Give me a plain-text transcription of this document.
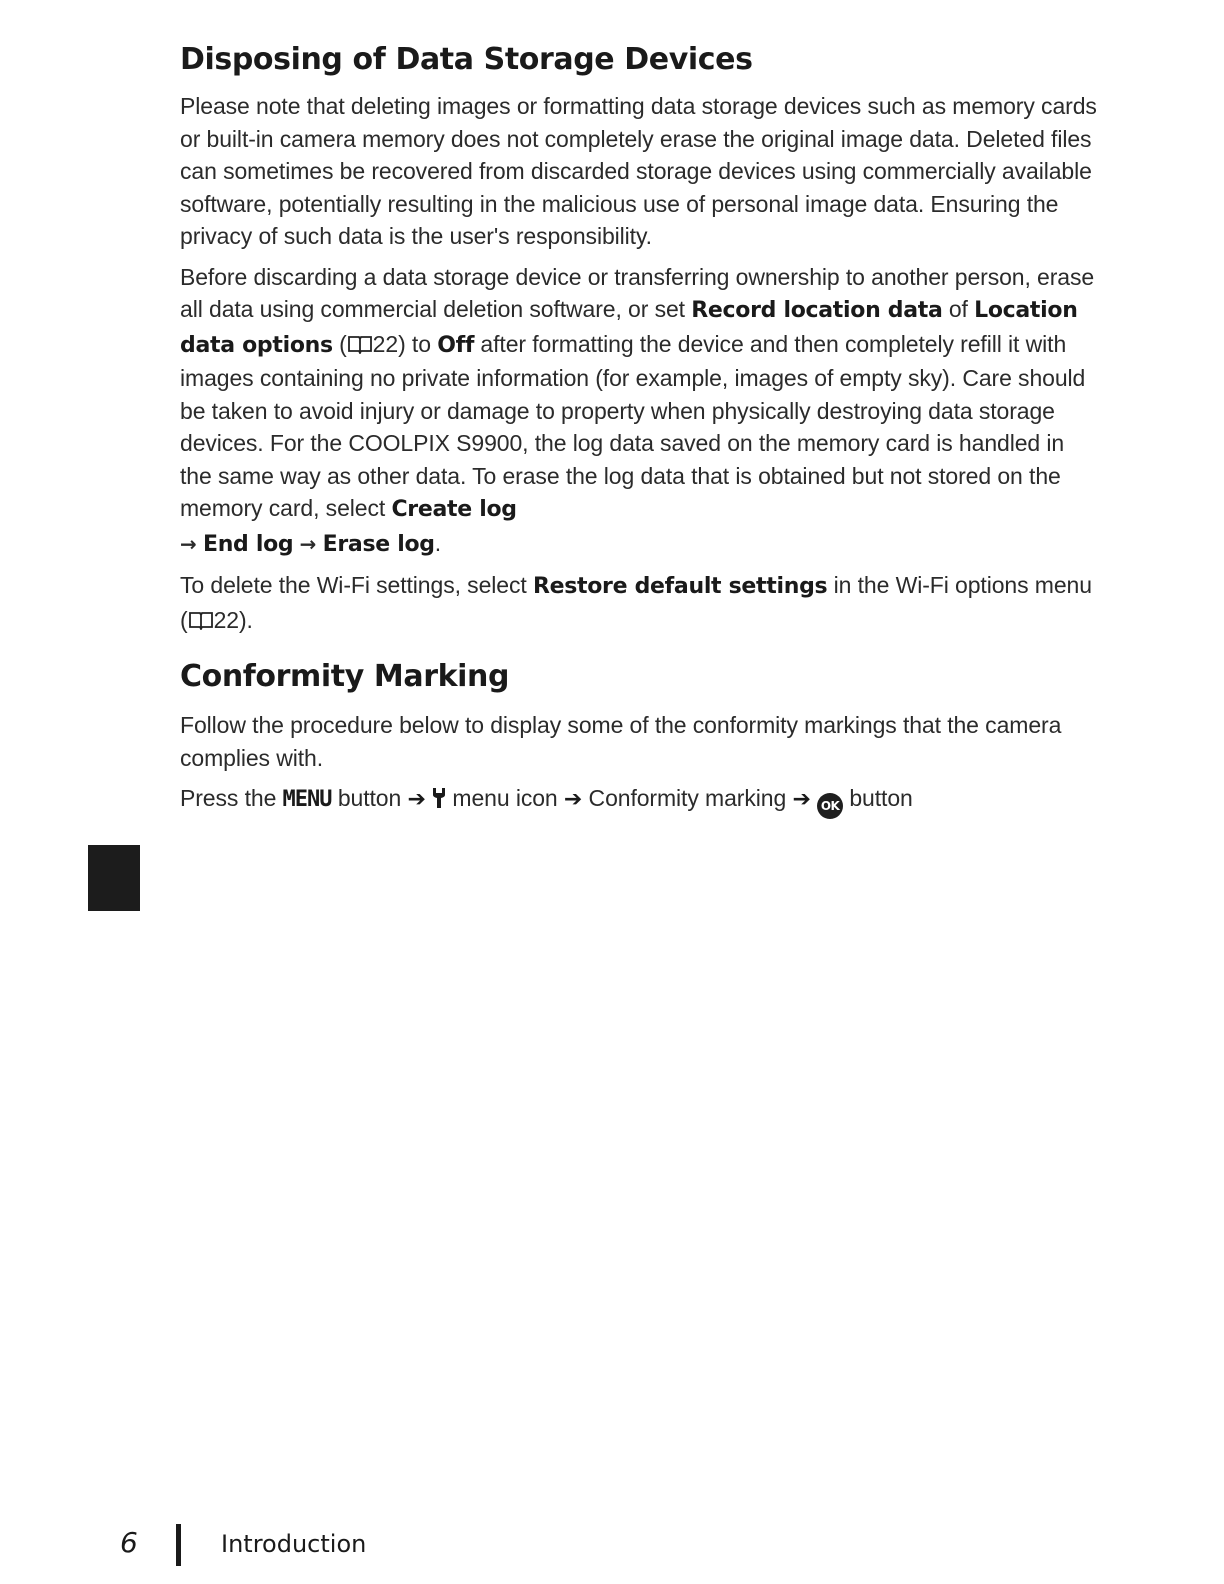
Disposing of Data Storage Devices

Please note that deleting images or formatting data storage devices such as memory cards or built-in camera memory does not completely erase the original image data. Deleted files can sometimes be recovered from discarded storage devices using commercially available software, potentially resulting in the malicious use of personal image data. Ensuring the privacy of such data is the user's responsibility.

Before discarding a data storage device or transferring ownership to another person, erase all data using commercial deletion software, or set Record location data of Location data options ( 22) to Off after formatting the device and then completely refill it with images containing no private information (for example, images of empty sky). Care should be taken to avoid injury or damage to property when physically destroying data storage devices. For the COOLPIX S9900, the log data saved on the memory card is handled in the same way as other data. To erase the log data that is obtained but not stored on the memory card, select Create log
→ End log → Erase log.

To delete the Wi-Fi settings, select Restore default settings in the Wi-Fi options menu ( 22).

Conformity Marking

Follow the procedure below to display some of the conformity markings that the camera complies with.

Press the MENU button ➔  menu icon ➔ Conformity marking ➔ OK button

6	Introduction
